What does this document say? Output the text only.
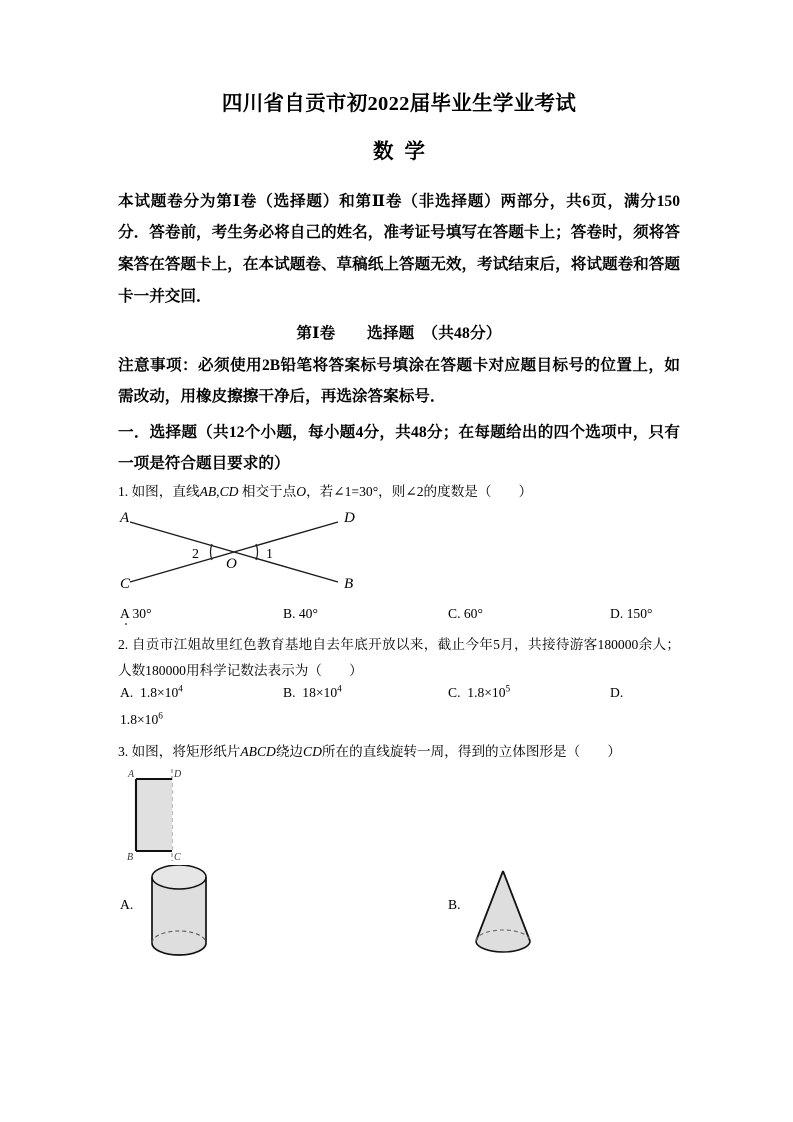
四川省自贡市初2022届毕业生学业考试
数学

本试题卷分为第Ⅰ卷（选择题）和第Ⅱ卷（非选择题）两部分，共6页，满分150分．答卷前，考生务必将自己的姓名，准考证号填写在答题卡上；答卷时，须将答案答在答题卡上，在本试题卷、草稿纸上答题无效，考试结束后，将试题卷和答题卡一并交回．

第Ⅰ卷　　选择题　（共48分）

注意事项：必须使用2B铅笔将答案标号填涂在答题卡对应题目标号的位置上，如需改动，用橡皮擦擦干净后，再选涂答案标号．

一．选择题（共12个小题，每小题4分，共48分；在每题给出的四个选项中，只有一项是符合题目要求的）

1. 如图，直线AB,CD 相交于点O，若∠1=30°，则∠2的度数是（　　）

A	D
C	B
O
1
2
A 30°	B. 40°	C. 60°	D. 150°

2. 自贡市江姐故里红色教育基地自去年底开放以来，截止今年5月，共接待游客180000余人；人数180000用科学记数法表示为（　　）

A. $1.8\times 10^4$	B. $18\times 10^4$	C. $1.8\times 10^5$	D.
$1.8\times 10^6$

3. 如图，将矩形纸片ABCD绕边CD所在的直线旋转一周，得到的立体图形是（　　）

A	D
B	C
A.	B.
